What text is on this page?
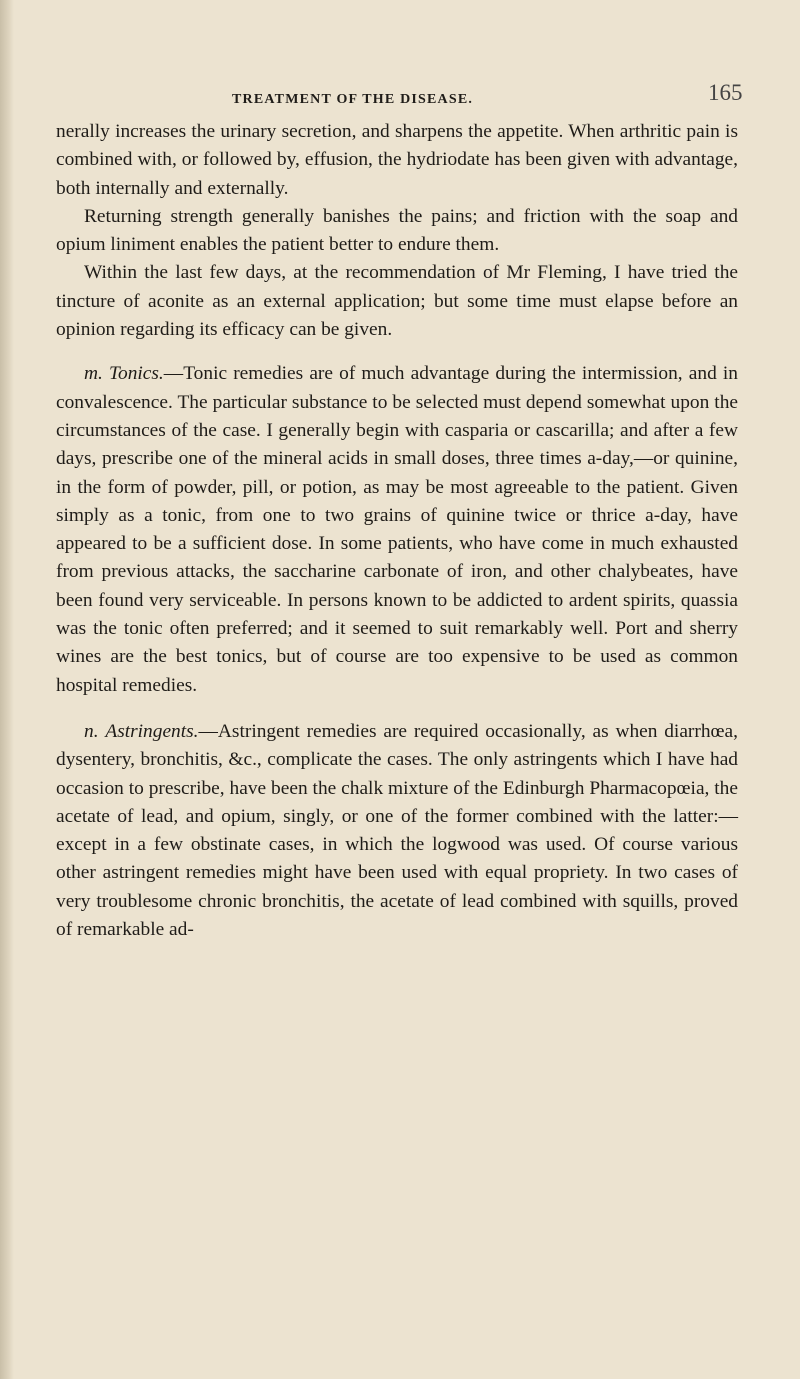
TREATMENT OF THE DISEASE.	165

nerally increases the urinary secretion, and sharpens the appetite. When arthritic pain is combined with, or followed by, effusion, the hydriodate has been given with advantage, both internally and externally.

Returning strength generally banishes the pains; and friction with the soap and opium liniment enables the patient better to endure them.

Within the last few days, at the recommendation of Mr Fleming, I have tried the tincture of aconite as an external application; but some time must elapse before an opinion regarding its efficacy can be given.

m. Tonics.—Tonic remedies are of much advantage during the intermission, and in convalescence. The particular substance to be selected must depend somewhat upon the circumstances of the case. I generally begin with casparia or cascarilla; and after a few days, prescribe one of the mineral acids in small doses, three times a-day,—or quinine, in the form of powder, pill, or potion, as may be most agreeable to the patient. Given simply as a tonic, from one to two grains of quinine twice or thrice a-day, have appeared to be a sufficient dose. In some patients, who have come in much exhausted from previous attacks, the saccharine carbonate of iron, and other chalybeates, have been found very serviceable. In persons known to be addicted to ardent spirits, quassia was the tonic often preferred; and it seemed to suit remarkably well. Port and sherry wines are the best tonics, but of course are too expensive to be used as common hospital remedies.

n. Astringents.—Astringent remedies are required occasionally, as when diarrhœa, dysentery, bronchitis, &c., complicate the cases. The only astringents which I have had occasion to prescribe, have been the chalk mixture of the Edinburgh Pharmacopœia, the acetate of lead, and opium, singly, or one of the former combined with the latter:—except in a few obstinate cases, in which the logwood was used. Of course various other astringent remedies might have been used with equal propriety. In two cases of very troublesome chronic bronchitis, the acetate of lead combined with squills, proved of remarkable ad-
